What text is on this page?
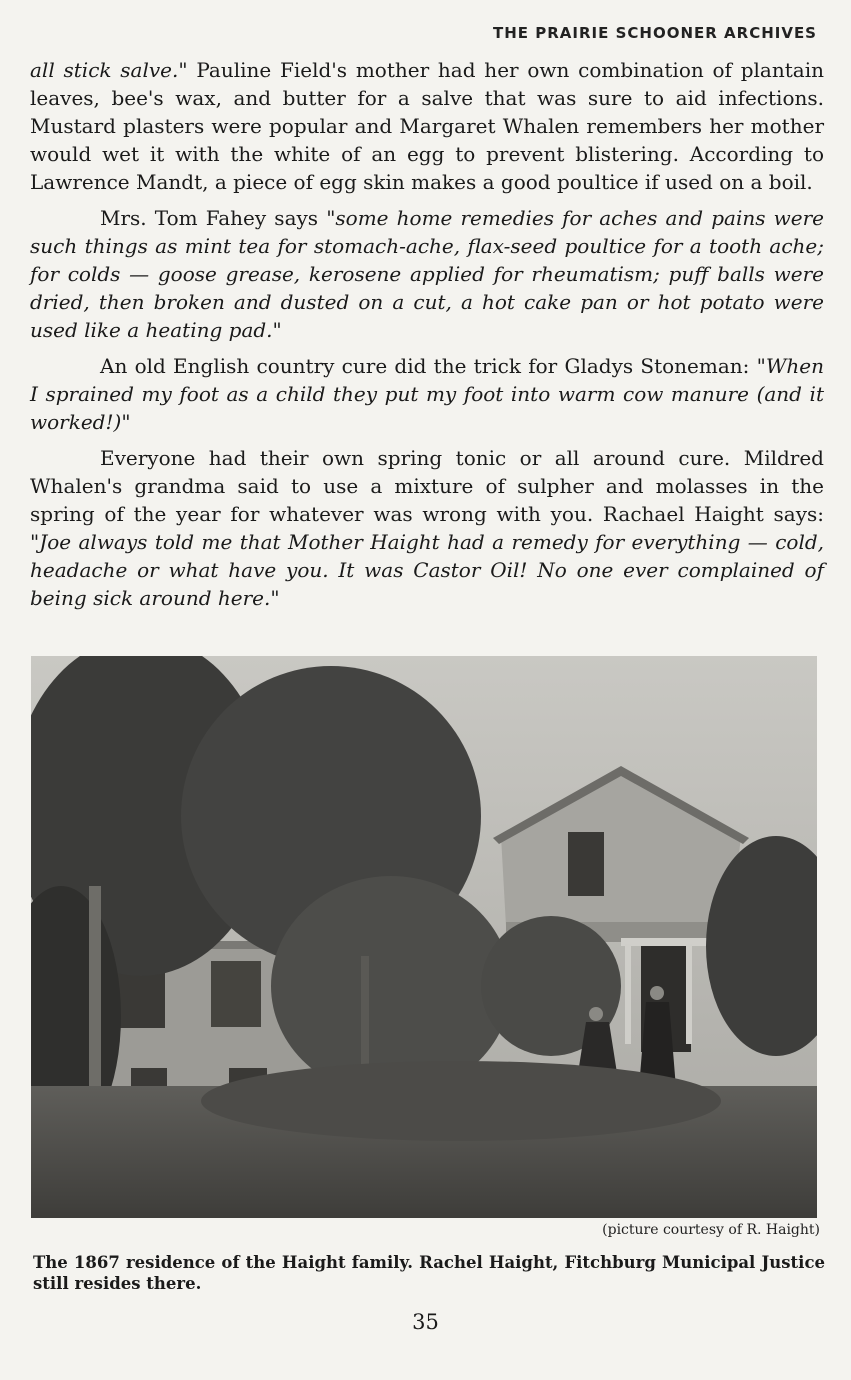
THE PRAIRIE SCHOONER ARCHIVES

all stick salve." Pauline Field's mother had her own combination of plantain leaves, bee's wax, and butter for a salve that was sure to aid infections. Mustard plasters were popular and Margaret Whalen remembers her mother would wet it with the white of an egg to prevent blistering. According to Lawrence Mandt, a piece of egg skin makes a good poultice if used on a boil.

Mrs. Tom Fahey says "some home remedies for aches and pains were such things as mint tea for stomach-ache, flax-seed poultice for a tooth ache; for colds — goose grease, kerosene applied for rheumatism; puff balls were dried, then broken and dusted on a cut, a hot cake pan or hot potato were used like a heating pad."

An old English country cure did the trick for Gladys Stoneman: "When I sprained my foot as a child they put my foot into warm cow manure (and it worked!)"

Everyone had their own spring tonic or all around cure. Mildred Whalen's grandma said to use a mixture of sulpher and molasses in the spring of the year for whatever was wrong with you. Rachael Haight says: "Joe always told me that Mother Haight had a remedy for everything — cold, headache or what have you. It was Castor Oil! No one ever complained of being sick around here."

(picture courtesy of R. Haight)
The 1867 residence of the Haight family. Rachel Haight, Fitchburg Municipal Justice still resides there.
35
